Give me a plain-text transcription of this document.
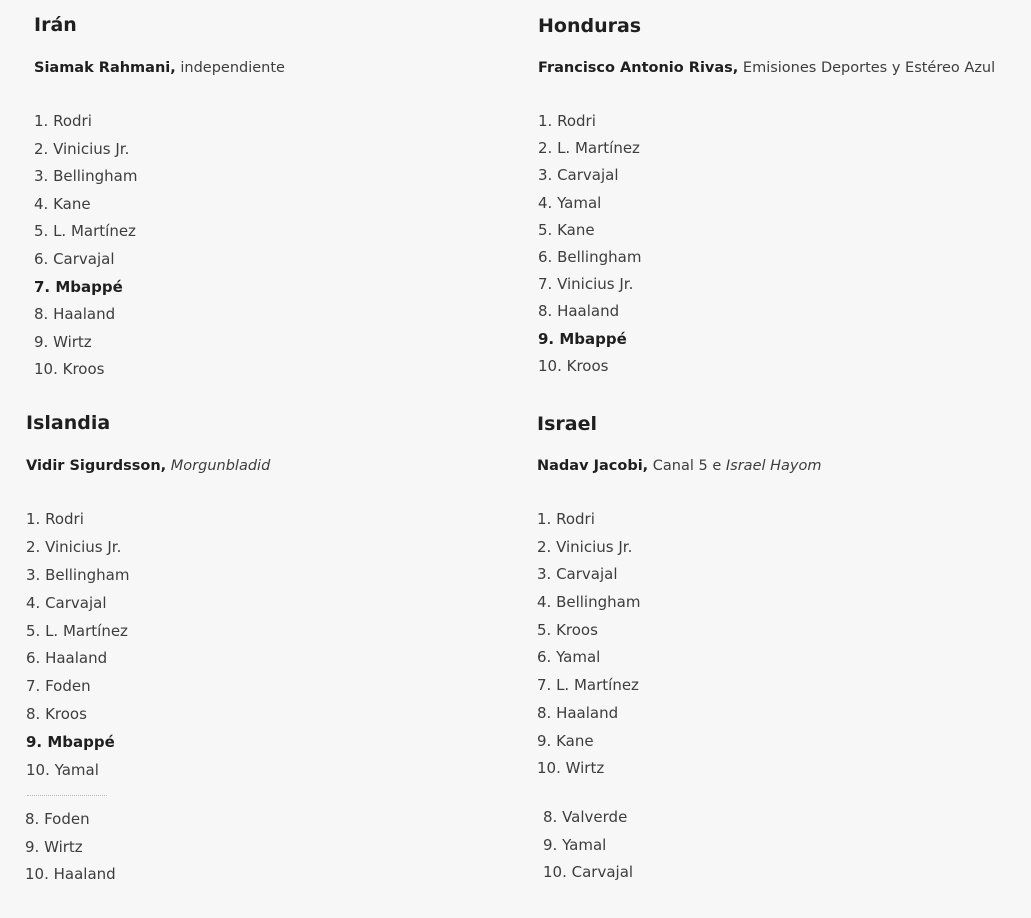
Irán

Siamak Rahmani, independiente

1. Rodri
2. Vinicius Jr.
3. Bellingham
4. Kane
5. L. Martínez
6. Carvajal
7. Mbappé
8. Haaland
9. Wirtz
10. Kroos
Honduras

Francisco Antonio Rivas, Emisiones Deportes y Estéreo Azul

1. Rodri
2. L. Martínez
3. Carvajal
4. Yamal
5. Kane
6. Bellingham
7. Vinicius Jr.
8. Haaland
9. Mbappé
10. Kroos
Islandia

Vidir Sigurdsson, Morgunbladid

1. Rodri
2. Vinicius Jr.
3. Bellingham
4. Carvajal
5. L. Martínez
6. Haaland
7. Foden
8. Kroos
9. Mbappé
10. Yamal
Israel

Nadav Jacobi, Canal 5 e Israel Hayom

1. Rodri
2. Vinicius Jr.
3. Carvajal
4. Bellingham
5. Kroos
6. Yamal
7. L. Martínez
8. Haaland
9. Kane
10. Wirtz
8. Foden
9. Wirtz
10. Haaland
8. Valverde
9. Yamal
10. Carvajal
